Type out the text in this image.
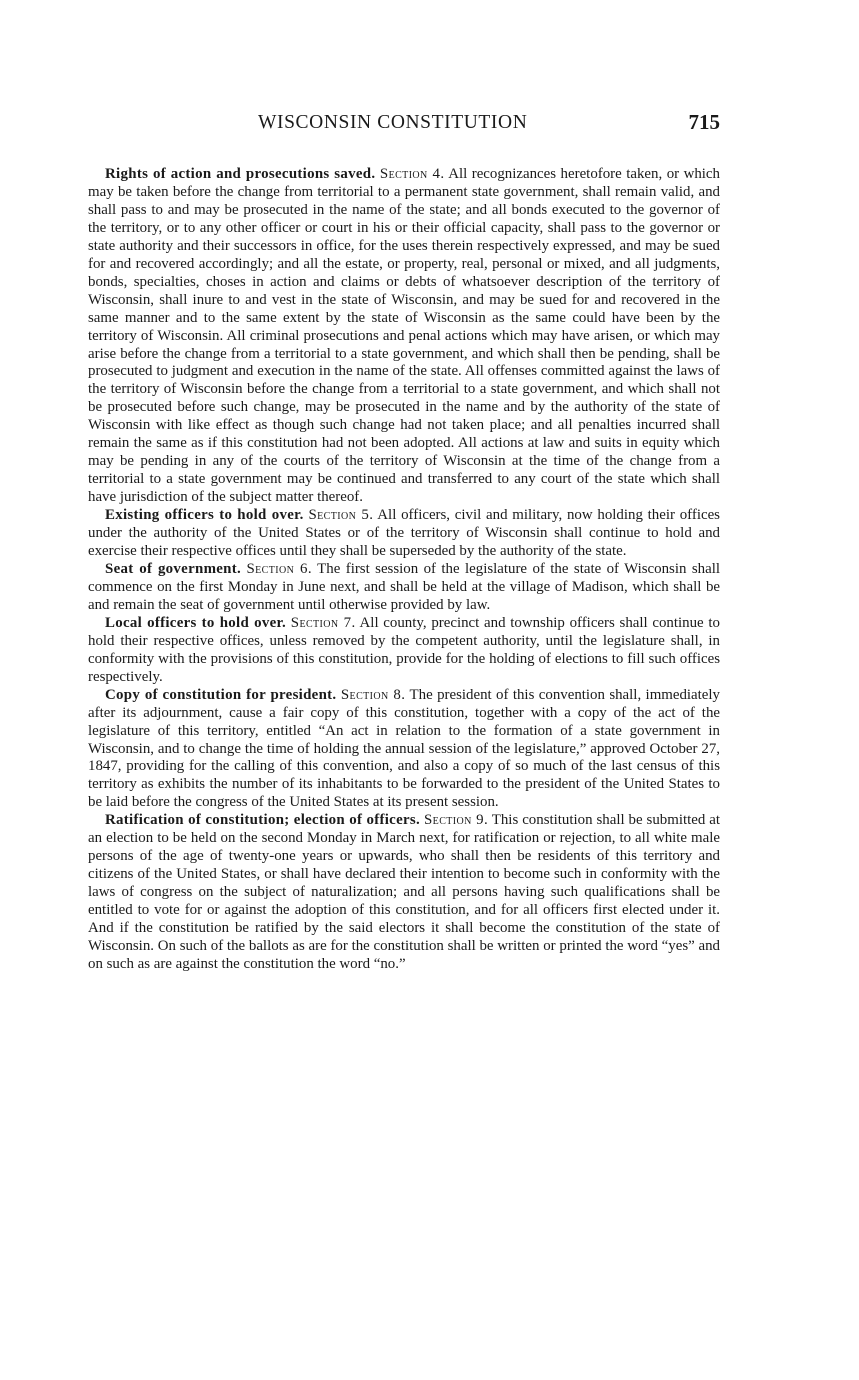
WISCONSIN CONSTITUTION	715

Rights of action and prosecutions saved. Section 4. All recognizances heretofore taken, or which may be taken before the change from territorial to a permanent state government, shall remain valid, and shall pass to and may be prosecuted in the name of the state; and all bonds executed to the governor of the territory, or to any other officer or court in his or their official capacity, shall pass to the governor or state authority and their successors in office, for the uses therein respectively expressed, and may be sued for and recovered accordingly; and all the estate, or property, real, personal or mixed, and all judgments, bonds, specialties, choses in action and claims or debts of whatsoever description of the territory of Wisconsin, shall inure to and vest in the state of Wisconsin, and may be sued for and recovered in the same manner and to the same extent by the state of Wisconsin as the same could have been by the territory of Wisconsin. All criminal prosecutions and penal actions which may have arisen, or which may arise before the change from a territorial to a state government, and which shall then be pending, shall be prosecuted to judgment and execution in the name of the state. All offenses committed against the laws of the territory of Wisconsin before the change from a territorial to a state government, and which shall not be prosecuted before such change, may be prosecuted in the name and by the authority of the state of Wisconsin with like effect as though such change had not taken place; and all penalties incurred shall remain the same as if this constitution had not been adopted. All actions at law and suits in equity which may be pending in any of the courts of the territory of Wisconsin at the time of the change from a territorial to a state government may be continued and transferred to any court of the state which shall have jurisdiction of the subject matter thereof.

Existing officers to hold over. Section 5. All officers, civil and military, now holding their offices under the authority of the United States or of the territory of Wisconsin shall continue to hold and exercise their respective offices until they shall be superseded by the authority of the state.

Seat of government. Section 6. The first session of the legislature of the state of Wisconsin shall commence on the first Monday in June next, and shall be held at the village of Madison, which shall be and remain the seat of government until otherwise provided by law.

Local officers to hold over. Section 7. All county, precinct and township officers shall continue to hold their respective offices, unless removed by the competent authority, until the legislature shall, in conformity with the provisions of this constitution, provide for the holding of elections to fill such offices respectively.

Copy of constitution for president. Section 8. The president of this convention shall, immediately after its adjournment, cause a fair copy of this constitution, together with a copy of the act of the legislature of this territory, entitled “An act in relation to the formation of a state government in Wisconsin, and to change the time of holding the annual session of the legislature,” approved October 27, 1847, providing for the calling of this convention, and also a copy of so much of the last census of this territory as exhibits the number of its inhabitants to be forwarded to the president of the United States to be laid before the congress of the United States at its present session.

Ratification of constitution; election of officers. Section 9. This constitution shall be submitted at an election to be held on the second Monday in March next, for ratification or rejection, to all white male persons of the age of twenty-one years or upwards, who shall then be residents of this territory and citizens of the United States, or shall have declared their intention to become such in conformity with the laws of congress on the subject of naturalization; and all persons having such qualifications shall be entitled to vote for or against the adoption of this constitution, and for all officers first elected under it. And if the constitution be ratified by the said electors it shall become the constitution of the state of Wisconsin. On such of the ballots as are for the constitution shall be written or printed the word “yes” and on such as are against the constitution the word “no.”
